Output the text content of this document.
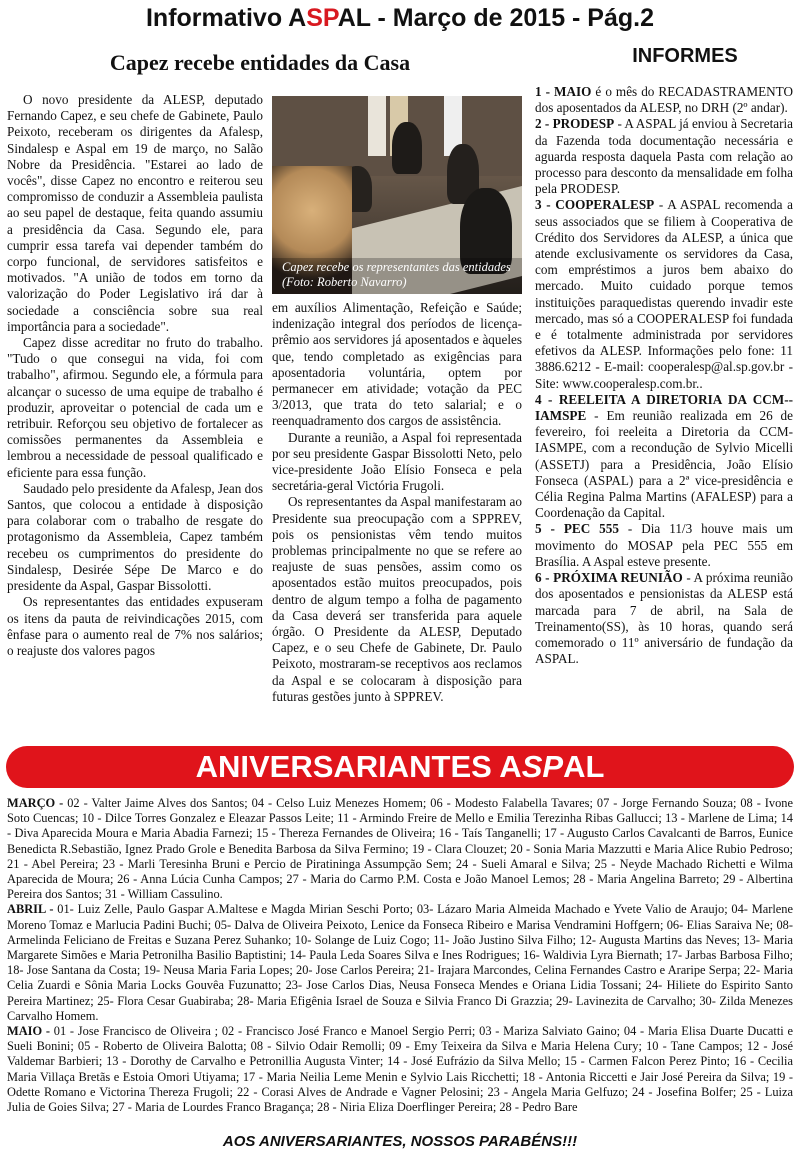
Informativo ASPAL - Março de 2015 - Pág.2
Capez recebe entidades da Casa	INFORMES

O novo presidente da ALESP, deputado Fernando Capez, e seu chefe de Gabinete, Paulo Peixoto, receberam os dirigentes da Afalesp, Sindalesp e Aspal em 19 de março, no Salão Nobre da Presidência. "Estarei ao lado de vocês", disse Capez no encontro e reiterou seu compromisso de conduzir a Assembleia paulista ao seu papel de destaque, feita quando assumiu a presidência da Casa. Segundo ele, para cumprir essa tarefa vai depender também do corpo funcional, de servidores satisfeitos e motivados. "A união de todos em torno da valorização do Poder Legislativo irá dar à sociedade a consciência sobre sua real importância para a sociedade".

Capez disse acreditar no fruto do trabalho. "Tudo o que consegui na vida, foi com trabalho", afirmou. Segundo ele, a fórmula para alcançar o sucesso de uma equipe de trabalho é produzir, aproveitar o potencial de cada um e retribuir. Reforçou seu objetivo de fortalecer as comissões permanentes da Assembleia e lembrou a necessidade de pessoal qualificado e eficiente para essa função.

Saudado pelo presidente da Afalesp, Jean dos Santos, que colocou a entidade à disposição para colaborar com o trabalho de resgate do protagonismo da Assembleia, Capez também recebeu os cumprimentos do presidente do Sindalesp, Desirée Sépe De Marco e do presidente da Aspal, Gaspar Bissolotti.

Os representantes das entidades expuseram os itens da pauta de reivindicações 2015, com ênfase para o aumento real de 7% nos salários; o reajuste dos valores pagos

Capez recebe os representantes das entidades (Foto: Roberto Navarro)

em auxílios Alimentação, Refeição e Saúde; indenização integral dos períodos de licença-prêmio aos servidores já aposentados e àqueles que, tendo completado as exigências para aposentadoria voluntária, optem por permanecer em atividade; votação da PEC 3/2013, que trata do teto salarial; e o reenquadramento dos cargos de assistência.

Durante a reunião, a Aspal foi representada por seu presidente Gaspar Bissolotti Neto, pelo vice-presidente João Elísio Fonseca e pela secretária-geral Victória Frugoli.

Os representantes da Aspal manifestaram ao Presidente sua preocupação com a SPPREV, pois os pensionistas vêm tendo muitos problemas principalmente no que se refere ao reajuste de suas pensões, assim como os aposentados estão muitos preocupados, pois dentro de algum tempo a folha de pagamento da Casa deverá ser transferida para aquele órgão. O Presidente da ALESP, Deputado Capez, e o seu Chefe de Gabinete, Dr. Paulo Peixoto, mostraram-se receptivos aos reclamos da Aspal e se colocaram à disposição para futuras gestões junto à SPPREV.

1 - MAIO é o mês do RECADASTRAMENTO dos aposentados da ALESP, no DRH (2º andar).

2 - PRODESP - A ASPAL já enviou à Secretaria da Fazenda toda documentação necessária e aguarda resposta daquela Pasta com relação ao processo para desconto da mensalidade em folha pela PRODESP.

3 - COOPERALESP - A ASPAL recomenda a seus associados que se filiem à Cooperativa de Crédito dos Servidores da ALESP, a única que atende exclusivamente os servidores da Casa, com empréstimos a juros bem abaixo do mercado. Muito cuidado porque temos instituições paraquedistas querendo invadir este mercado, mas só a COOPERALESP foi fundada e é totalmente administrada por servidores efetivos da ALESP. Informações pelo fone: 11 3886.6212 - E-mail: cooperalesp@al.sp.gov.br - Site: www.cooperalesp.com.br..

4 - REELEITA A DIRETORIA DA CCM--IAMSPE - Em reunião realizada em 26 de fevereiro, foi reeleita a Diretoria da CCM-IASMPE, com a recondução de Sylvio Micelli (ASSETJ) para a Presidência, João Elísio Fonseca (ASPAL) para a 2ª vice-presidência e Célia Regina Palma Martins (AFALESP) para a Coordenação da Capital.

5 - PEC 555 - Dia 11/3 houve mais um movimento do MOSAP pela PEC 555 em Brasília. A Aspal esteve presente.

6 - PRÓXIMA REUNIÃO - A próxima reunião dos aposentados e pensionistas da ALESP está marcada para 7 de abril, na Sala de Treinamento(SS), às 10 horas, quando será comemorado o 11º aniversário de fundação da ASPAL.

ANIVERSARIANTES ASPAL

MARÇO - 02 - Valter Jaime Alves dos Santos; 04 - Celso Luiz Menezes Homem; 06 - Modesto Falabella Tavares; 07 - Jorge Fernando Souza; 08 - Ivone Soto Cuencas; 10 - Dilce Torres Gonzalez e Eleazar Passos Leite; 11 - Armindo Freire de Mello e Emilia Terezinha Ribas Gallucci; 13 - Marlene de Lima; 14 - Diva Aparecida Moura e Maria Abadia Farnezi; 15 - Thereza Fernandes de Oliveira; 16 - Taís Tanganelli; 17 - Augusto Carlos Cavalcanti de Barros, Eunice Benedicta R.Sebastião, Ignez Prado Grole e Benedita Barbosa da Silva Fermino; 19 - Clara Clouzet; 20 - Sonia Maria Mazzutti e Maria Alice Rubio Pedroso; 21 - Abel Pereira; 23 - Marli Teresinha Bruni e Percio de Piratininga Assumpção Sem; 24 - Sueli Amaral e Silva; 25 - Neyde Machado Richetti e Wilma Aparecida de Moura; 26 - Anna Lúcia Cunha Campos; 27 - Maria do Carmo P.M. Costa e João Manoel Lemos; 28 - Maria Angelina Barreto; 29 - Albertina Pereira dos Santos; 31 - William Cassulino.

ABRIL - 01- Luiz Zelle, Paulo Gaspar A.Maltese e Magda Mirian Seschi Porto; 03- Lázaro Maria Almeida Machado e Yvete Valio de Araujo; 04- Marlene Moreno Tomaz e Marlucia Padini Buchi; 05- Dalva de Oliveira Peixoto, Lenice da Fonseca Ribeiro e Marisa Vendramini Hoffgern; 06- Elias Saraiva Ne; 08- Armelinda Feliciano de Freitas e Suzana Perez Suhanko; 10- Solange de Luiz Cogo; 11- João Justino Silva Filho; 12- Augusta Martins das Neves; 13- Maria Margarete Simões e Maria Petronilha Basilio Baptistini; 14- Paula Leda Soares Silva e Ines Rodrigues; 16- Waldivia Lyra Biernath; 17- Jarbas Barbosa Filho; 18- Jose Santana da Costa; 19- Neusa Maria Faria Lopes; 20- Jose Carlos Pereira; 21- Irajara Marcondes, Celina Fernandes Castro e Araripe Serpa; 22- Maria Celia Zuardi e Sônia Maria Locks Gouvêa Fuzunatto; 23- Jose Carlos Dias, Neusa Fonseca Mendes e Oriana Lidia Tossani; 24- Hiliete do Espirito Santo Pereira Martinez; 25- Flora Cesar Guabiraba; 28- Maria Efigênia Israel de Souza e Silvia Franco Di Grazzia; 29- Lavinezita de Carvalho; 30- Zilda Menezes Carvalho Homem.

MAIO - 01 - Jose Francisco de Oliveira ; 02 - Francisco José Franco e Manoel Sergio Perri; 03 - Mariza Salviato Gaino; 04 - Maria Elisa Duarte Ducatti e Sueli Bonini; 05 - Roberto de Oliveira Balotta; 08 - Silvio Odair Remolli; 09 - Emy Teixeira da Silva e Maria Helena Cury; 10 - Tane Campos; 12 - José Valdemar Barbieri; 13 - Dorothy de Carvalho e Petronillia Augusta Vinter; 14 - José Eufrázio da Silva Mello; 15 - Carmen Falcon Perez Pinto; 16 - Cecilia Maria Villaça Bretãs e Estoia Omori Utiyama; 17 - Maria Neilia Leme Menin e Sylvio Lais Ricchetti; 18 - Antonia Riccetti e Jair José Pereira da Silva; 19 - Odette Romano e Victorina Thereza Frugoli; 22 - Corasi Alves de Andrade e Vagner Pelosini; 23 - Angela Maria Gelfuzo; 24 - Josefina Bolfer; 25 - Luiza Julia de Goies Silva; 27 - Maria de Lourdes Franco Bragança; 28 - Niria Eliza Doerflinger Pereira; 28 - Pedro Bare

AOS ANIVERSARIANTES, NOSSOS PARABÉNS!!!
